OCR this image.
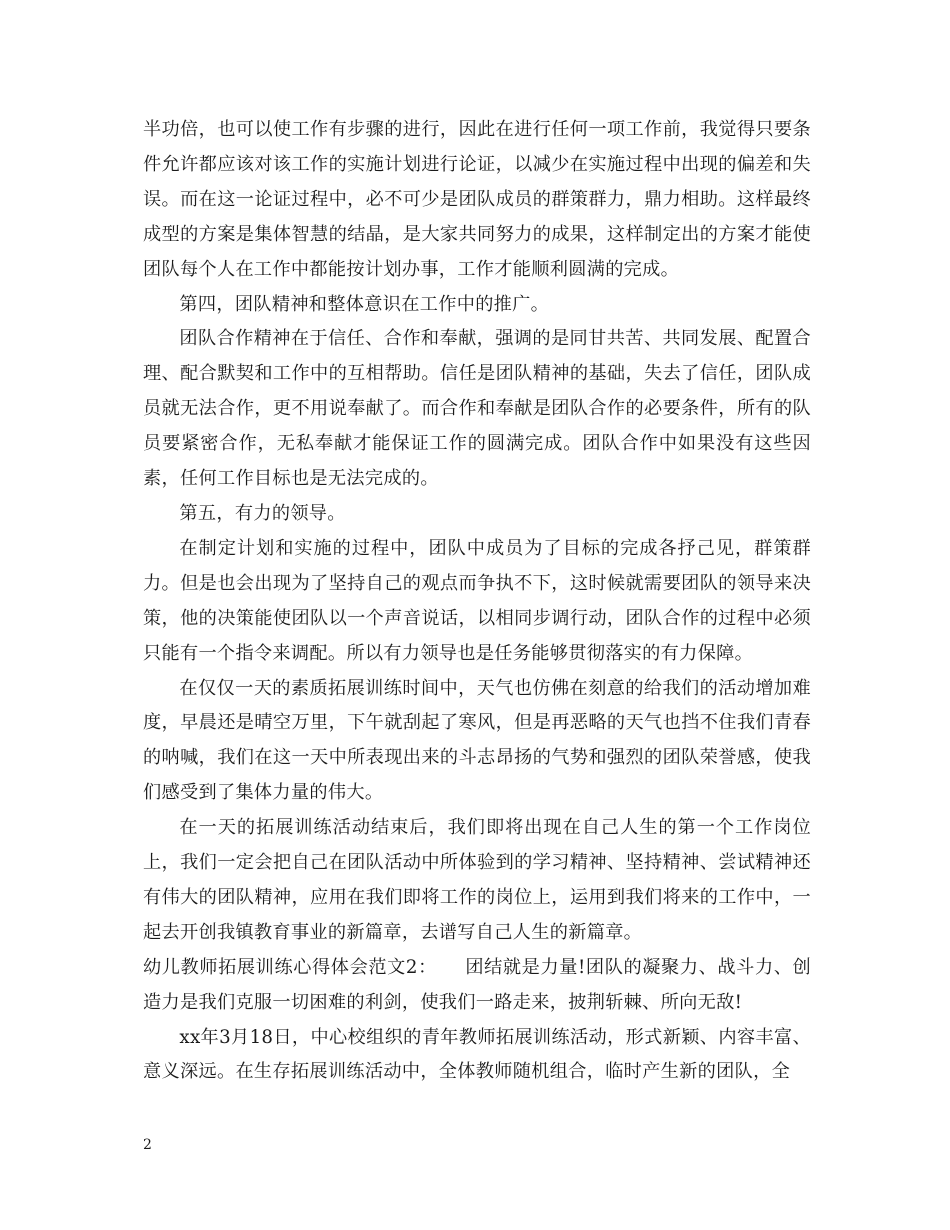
半功倍，也可以使工作有步骤的进行，因此在进行任何一项工作前，我觉得只要条件允许都应该对该工作的实施计划进行论证，以减少在实施过程中出现的偏差和失误。而在这一论证过程中，必不可少是团队成员的群策群力，鼎力相助。这样最终成型的方案是集体智慧的结晶，是大家共同努力的成果，这样制定出的方案才能使团队每个人在工作中都能按计划办事，工作才能顺利圆满的完成。

第四，团队精神和整体意识在工作中的推广。

团队合作精神在于信任、合作和奉献，强调的是同甘共苦、共同发展、配置合理、配合默契和工作中的互相帮助。信任是团队精神的基础，失去了信任，团队成员就无法合作，更不用说奉献了。而合作和奉献是团队合作的必要条件，所有的队员要紧密合作，无私奉献才能保证工作的圆满完成。团队合作中如果没有这些因素，任何工作目标也是无法完成的。

第五，有力的领导。

在制定计划和实施的过程中，团队中成员为了目标的完成各抒己见，群策群力。但是也会出现为了坚持自己的观点而争执不下，这时候就需要团队的领导来决策，他的决策能使团队以一个声音说话，以相同步调行动，团队合作的过程中必须只能有一个指令来调配。所以有力领导也是任务能够贯彻落实的有力保障。

在仅仅一天的素质拓展训练时间中，天气也仿佛在刻意的给我们的活动增加难度，早晨还是晴空万里，下午就刮起了寒风，但是再恶略的天气也挡不住我们青春的呐喊，我们在这一天中所表现出来的斗志昂扬的气势和强烈的团队荣誉感，使我们感受到了集体力量的伟大。

在一天的拓展训练活动结束后，我们即将出现在自己人生的第一个工作岗位上，我们一定会把自己在团队活动中所体验到的学习精神、坚持精神、尝试精神还有伟大的团队精神，应用在我们即将工作的岗位上，运用到我们将来的工作中，一起去开创我镇教育事业的新篇章，去谱写自己人生的新篇章。

幼儿教师拓展训练心得体会范文2：　　团结就是力量!团队的凝聚力、战斗力、创造力是我们克服一切困难的利剑，使我们一路走来，披荆斩棘、所向无敌!

xx年3月18日，中心校组织的青年教师拓展训练活动，形式新颖、内容丰富、意义深远。在生存拓展训练活动中，全体教师随机组合，临时产生新的团队，全

2
